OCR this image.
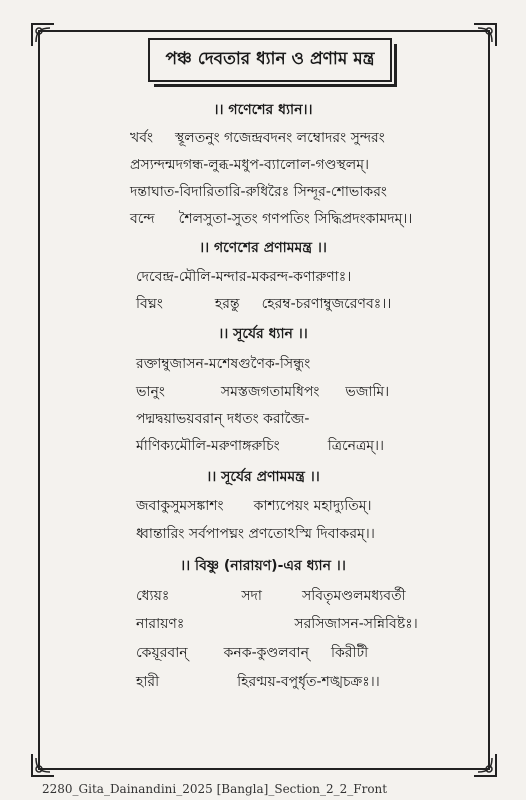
পঞ্চ দেবতার ধ্যান ও প্রণাম মন্ত্র
।। গণেশের ধ্যান।।
খর্বং স্থূলতনুং গজেন্দ্রবদনং লম্বোদরং সুন্দরং
প্রস্যন্দন্মদগন্ধ-লুব্ধ-মধুপ-ব্যালোল-গণ্ডস্থলম্।
দন্তাঘাত-বিদারিতারি-রুধিরৈঃ সিন্দূর-শোভাকরং
বন্দে শৈলসুতা-সুতং গণপতিং সিদ্ধিপ্রদংকামদম্।।
।। গণেশের প্রণামমন্ত্র ।।
দেবেন্দ্র-মৌলি-মন্দার-মকরন্দ-কণারুণাঃ।
বিঘ্নং	হরন্তু হেরম্ব-চরণাম্বুজরেণবঃ।।
।। সূর্যের ধ্যান ।।
রক্তাম্বুজাসন-মশেষগুণৈক-সিন্ধুং
ভানুং	সমস্তজগতামধিপং ভজামি।
পদ্মদ্বয়াভয়বরান্ দধতং করাব্জৈ-
র্মাণিক্যমৌলি-মরুণাঙ্গরুচিং	ত্রিনেত্রম্।।
।। সূর্যের প্রণামমন্ত্র ।।
জবাকুসুমসঙ্কাশং কাশ্যপেয়ং মহাদ্যুতিম্।
ধ্বান্তারিং সর্বপাপঘ্নং প্রণতোঽস্মি দিবাকরম্।।
।। বিষ্ণু (নারায়ণ)-এর ধ্যান ।।
ধ্যেয়ঃ	সদা	সবিতৃমণ্ডলমধ্যবর্তী
নারায়ণঃ	সরসিজাসন-সন্নিবিষ্টঃ।
কেয়ূরবান্	কনক-কুণ্ডলবান্ কিরীটী
হারী	হিরণ্ময়-বপুর্ধৃত-শঙ্খচক্রঃ।।
2280_Gita_Dainandini_2025 [Bangla]_Section_2_2_Front
